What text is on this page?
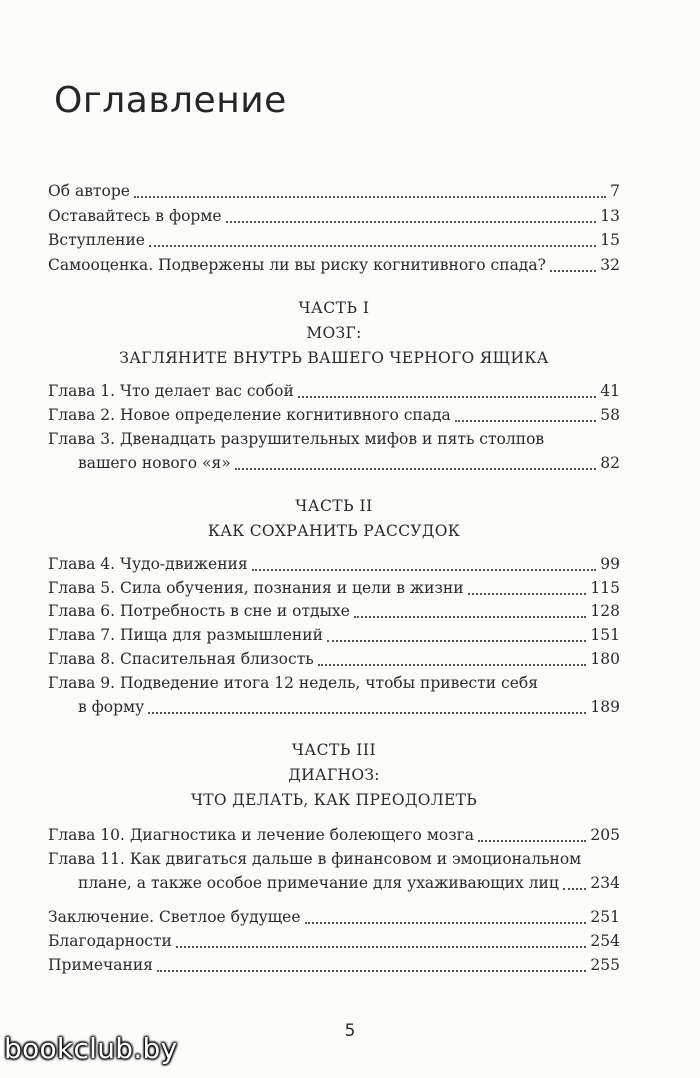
Оглавление
Об авторе	7
Оставайтесь в форме	13
Вступление	15
Самооценка. Подвержены ли вы риску когнитивного спада?	32
ЧАСТЬ I
МОЗГ:
ЗАГЛЯНИТЕ ВНУТРЬ ВАШЕГО ЧЕРНОГО ЯЩИКА
Глава 1. Что делает вас собой	41
Глава 2. Новое определение когнитивного спада	58
Глава 3. Двенадцать разрушительных мифов и пять столпов
вашего нового «я»	82
ЧАСТЬ II
КАК СОХРАНИТЬ РАССУДОК
Глава 4. Чудо-движения	99
Глава 5. Сила обучения, познания и цели в жизни	115
Глава 6. Потребность в сне и отдыхе	128
Глава 7. Пища для размышлений	151
Глава 8. Спасительная близость	180
Глава 9. Подведение итога 12 недель, чтобы привести себя
в форму	189
ЧАСТЬ III
ДИАГНОЗ:
ЧТО ДЕЛАТЬ, КАК ПРЕОДОЛЕТЬ
Глава 10. Диагностика и лечение болеющего мозга	205
Глава 11. Как двигаться дальше в финансовом и эмоциональном
плане, а также особое примечание для ухаживающих лиц 234
Заключение. Светлое будущее	251
Благодарности	254
Примечания	255
5
bookclub.by
